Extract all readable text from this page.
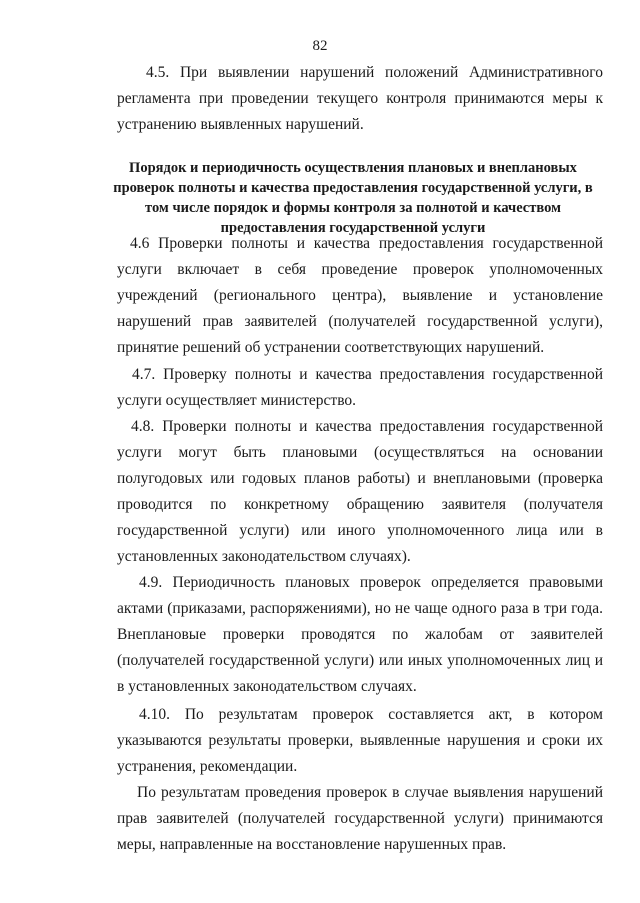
82

4.5. При выявлении нарушений положений Административного регламента при проведении текущего контроля принимаются меры к устранению выявленных нарушений.

Порядок и периодичность осуществления плановых и внеплановых проверок полноты и качества предоставления государственной услуги, в том числе порядок и формы контроля за полнотой и качеством предоставления государственной услуги

4.6 Проверки полноты и качества предоставления государственной услуги включает в себя проведение проверок уполномоченных учреждений (регионального центра), выявление и установление нарушений прав заявителей (получателей государственной услуги), принятие решений об устранении соответствующих нарушений.

4.7. Проверку полноты и качества предоставления государственной услуги осуществляет министерство.

4.8. Проверки полноты и качества предоставления государственной услуги могут быть плановыми (осуществляться на основании полугодовых или годовых планов работы) и внеплановыми (проверка проводится по конкретному обращению заявителя (получателя государственной услуги) или иного уполномоченного лица или в установленных законодательством случаях).

4.9. Периодичность плановых проверок определяется правовыми актами (приказами, распоряжениями), но не чаще одного раза в три года. Внеплановые проверки проводятся по жалобам от заявителей (получателей государственной услуги) или иных уполномоченных лиц и в установленных законодательством случаях.

4.10. По результатам проверок составляется акт, в котором указываются результаты проверки, выявленные нарушения и сроки их устранения, рекомендации.

По результатам проведения проверок в случае выявления нарушений прав заявителей (получателей государственной услуги) принимаются меры, направленные на восстановление нарушенных прав.
